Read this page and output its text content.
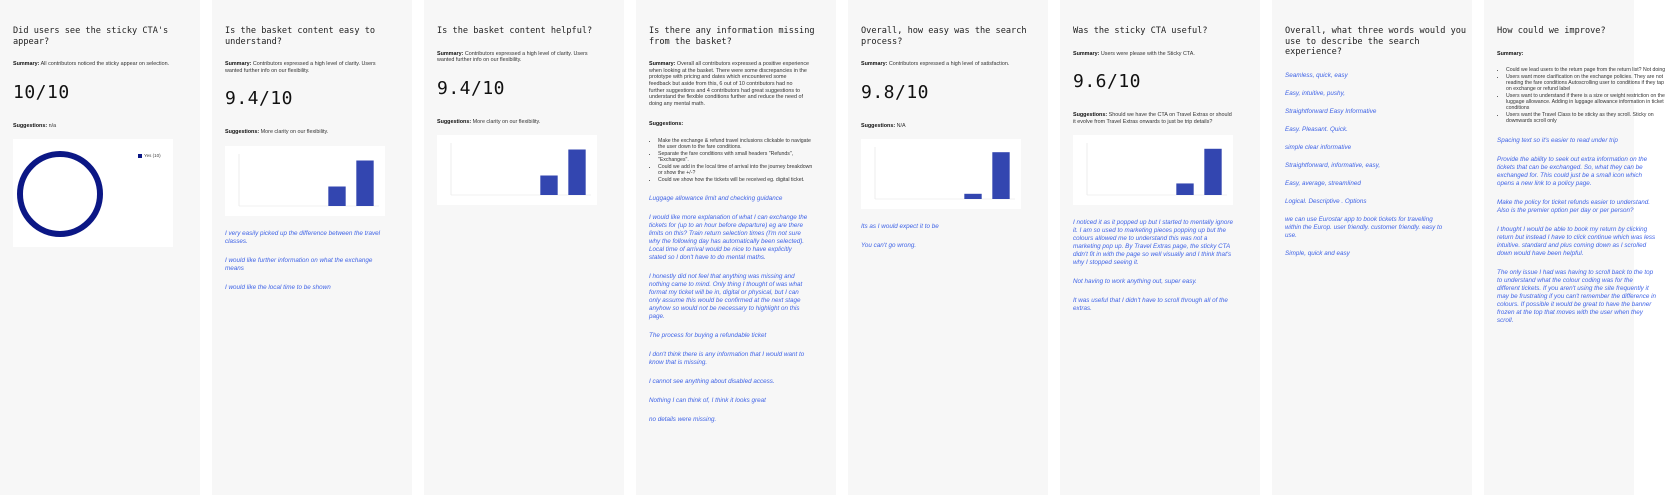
Did users see the sticky CTA's appear?
Summary: All contributors noticed the sticky appear on selection.
10/10
Suggestions: n/a
Yes (10)
Is the basket content easy to understand?
Summary: Contributors expressed a high level of clarity. Users wanted further info on our flexibility.
9.4/10
Suggestions: More clarity on our flexibility.
I very easily picked up the difference between the travel classes.
I would like further information on what the exchange means
I would like the local time to be shown
Is the basket content helpful?
Summary: Contributors expressed a high level of clarity. Users wanted further info on our flexibility.
9.4/10
Suggestions: More clarity on our flexibility.
Is there any information missing from the basket?
Summary: Overall all contributors expressed a positive experience when looking at the basket. There were some discrepancies in the prototype with pricing and dates which encountered some feedback but aside from this, 6 out of 10 contributors had no further suggestions and 4 contributors had great suggestions to understand the flexible conditions further and reduce the need of doing any mental math.
Suggestions:
• Make the exchange & refund travel inclusions clickable to navigate the user down to the fare conditions.
• Separate the fare conditions with small headers "Refunds", "Exchanges".
• Could we add in the local time of arrival into the journey breakdown or show the +/-?
• Could we show how the tickets will be received eg. digital ticket.
Luggage allowance limit and checking guidance
I would like more explanation of what I can exchange the tickets for (up to an hour before departure) eg are there limits on this? Train return selection times (I'm not sure why the following day has automatically been selected). Local time of arrival would be nice to have explicitly stated so I don't have to do mental maths.
I honestly did not feel that anything was missing and nothing came to mind. Only thing I thought of was what format my ticket will be in, digital or physical, but I can only assume this would be confirmed at the next stage anyhow so would not be necessary to highlight on this page.
The process for buying a refundable ticket
I don't think there is any information that I would want to know that is missing.
I cannot see anything about disabled access.
Nothing I can think of, I think it looks great
no details were missing.
Overall, how easy was the search process?
Summary: Contributors expressed a high level of satisfaction.
9.8/10
Suggestions: N/A
Its as I would expect it to be
You can't go wrong.
Was the sticky CTA useful?
Summary: Users were please with the Sticky CTA.
9.6/10
Suggestions: Should we have the CTA on Travel Extras or should it evolve from Travel Extras onwards to just be trip details?
I noticed it as it popped up but I started to mentally ignore it. I am so used to marketing pieces popping up but the colours allowed me to understand this was not a marketing pop up. By Travel Extras page, the sticky CTA didn't fit in with the page so well visually and I think that's why I stopped seeing it.
Not having to work anything out, super easy.
It was useful that I didn't have to scroll through all of the extras.
Overall, what three words would you use to describe the search experience?
Seamless, quick, easy
Easy, intuitive, pushy,
Straightforward Easy Informative
Easy. Pleasant. Quick.
simple clear informative
Straightforward, informative, easy,
Easy, average, streamlined
Logical. Descriptive . Options
we can use Eurostar app to book tickets for travelling within the Europ. user friendly. customer friendly. easy to use.
Simple, quick and easy
How could we improve?
Summary:
• Could we lead users to the return page from the return list? Not doing
• Users want more clarification on the exchange policies. They are not reading the fare conditions Autoscrolling user to conditions if they tap on exchange or refund label
• Users want to understand if there is a size or weight restriction on the luggage allowance. Adding in luggage allowance information in ticket conditions
• Users want the Travel Class to be sticky as they scroll. Sticky on downwards scroll only
Spacing text so it's easier to read under trip
Provide the ability to seek out extra information on the tickets that can be exchanged. So, what they can be exchanged for. This could just be a small icon which opens a new link to a policy page.
Make the policy for ticket refunds easier to understand. Also is the premier option per day or per person?
I thought I would be able to book my return by clicking return but instead I have to click continue which was less intuitive. standard and plus coming down as I scrolled down would have been helpful.
The only issue I had was having to scroll back to the top to understand what the colour coding was for the different tickets. If you aren't using the site frequently it may be frustrating if you can't remember the difference in colours. If possible it would be great to have the banner frozen at the top that moves with the user when they scroll.
